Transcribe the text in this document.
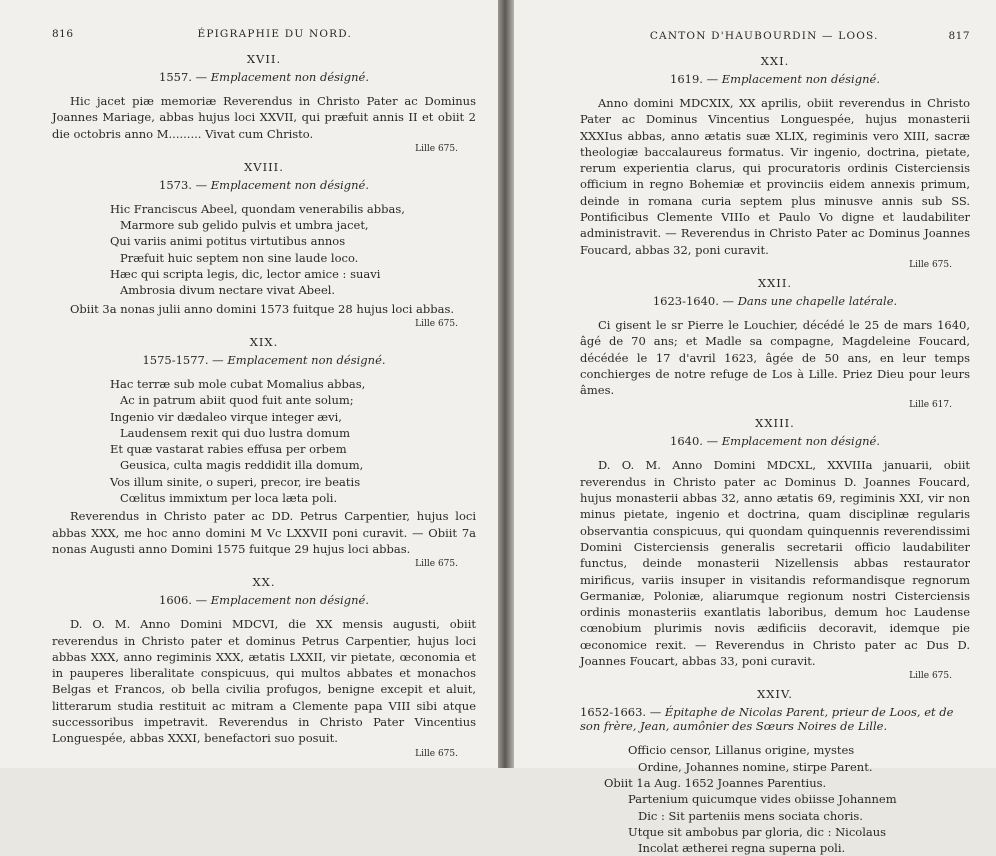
816	ÉPIGRAPHIE DU NORD.
XVII.
1557. — Emplacement non désigné.

Hic jacet piæ memoriæ Reverendus in Christo Pater ac Dominus Joannes Mariage, abbas hujus loci XXVII, qui præfuit annis II et obiit 2 die octobris anno M......... Vivat cum Christo.

Lille 675.
XVIII.
1573. — Emplacement non désigné.
Hic Franciscus Abeel, quondam venerabilis abbas,
Marmore sub gelido pulvis et umbra jacet,
Qui variis animi potitus virtutibus annos
Præfuit huic septem non sine laude loco.
Hæc qui scripta legis, dic, lector amice : suavi
Ambrosia divum nectare vivat Abeel.

Obiit 3a nonas julii anno domini 1573 fuitque 28 hujus loci abbas.

Lille 675.
XIX.
1575-1577. — Emplacement non désigné.
Hac terræ sub mole cubat Momalius abbas,
Ac in patrum abiit quod fuit ante solum;
Ingenio vir dædaleo virque integer ævi,
Laudensem rexit qui duo lustra domum
Et quæ vastarat rabies effusa per orbem
Geusica, culta magis reddidit illa domum,
Vos illum sinite, o superi, precor, ire beatis
Cœlitus immixtum per loca læta poli.

Reverendus in Christo pater ac DD. Petrus Carpentier, hujus loci abbas XXX, me hoc anno domini M Vc LXXVII poni curavit. — Obiit 7a nonas Augusti anno Domini 1575 fuitque 29 hujus loci abbas.

Lille 675.
XX.
1606. — Emplacement non désigné.

D. O. M. Anno Domini MDCVI, die XX mensis augusti, obiit reverendus in Christo pater et dominus Petrus Carpentier, hujus loci abbas XXX, anno regiminis XXX, ætatis LXXII, vir pietate, œconomia et in pauperes liberalitate conspicuus, qui multos abbates et monachos Belgas et Francos, ob bella civilia profugos, benigne excepit et aluit, litterarum studia restituit ac mitram a Clemente papa VIII sibi atque successoribus impetravit. Reverendus in Christo Pater Vincentius Longuespée, abbas XXXI, benefactori suo posuit.

Lille 675.
CANTON D'HAUBOURDIN — LOOS.	817
XXI.
1619. — Emplacement non désigné.

Anno domini MDCXIX, XX aprilis, obiit reverendus in Christo Pater ac Dominus Vincentius Longuespée, hujus monasterii XXXIus abbas, anno ætatis suæ XLIX, regiminis vero XIII, sacræ theologiæ baccalaureus formatus. Vir ingenio, doctrina, pietate, rerum experientia clarus, qui procuratoris ordinis Cisterciensis officium in regno Bohemiæ et provinciis eidem annexis primum, deinde in romana curia septem plus minusve annis sub SS. Pontificibus Clemente VIIIo et Paulo Vo digne et laudabiliter administravit. — Reverendus in Christo Pater ac Dominus Joannes Foucard, abbas 32, poni curavit.

Lille 675.
XXII.
1623-1640. — Dans une chapelle latérale.

Ci gisent le sr Pierre le Louchier, décédé le 25 de mars 1640, âgé de 70 ans; et Madle sa compagne, Magdeleine Foucard, décédée le 17 d'avril 1623, âgée de 50 ans, en leur temps conchierges de notre refuge de Los à Lille. Priez Dieu pour leurs âmes.

Lille 617.
XXIII.
1640. — Emplacement non désigné.

D. O. M. Anno Domini MDCXL, XXVIIIa januarii, obiit reverendus in Christo pater ac Dominus D. Joannes Foucard, hujus monasterii abbas 32, anno ætatis 69, regiminis XXI, vir non minus pietate, ingenio et doctrina, quam disciplinæ regularis observantia conspicuus, qui quondam quinquennis reverendissimi Domini Cisterciensis generalis secretarii officio laudabiliter functus, deinde monasterii Nizellensis abbas restaurator mirificus, variis insuper in visitandis reformandisque regnorum Germaniæ, Poloniæ, aliarumque regionum nostri Cisterciensis ordinis monasteriis exantlatis laboribus, demum hoc Laudense cœnobium plurimis novis ædificiis decoravit, idemque pie œconomice rexit. — Reverendus in Christo pater ac Dus D. Joannes Foucart, abbas 33, poni curavit.

Lille 675.
XXIV.
1652-1663. — Épitaphe de Nicolas Parent, prieur de Loos, et de son frère, Jean, aumônier des Sœurs Noires de Lille.
Officio censor, Lillanus origine, mystes
Ordine, Johannes nomine, stirpe Parent.
Obiit 1a Aug. 1652 Joannes Parentius.
Partenium quicumque vides obiisse Johannem
Dic : Sit parteniis mens sociata choris.
Utque sit ambobus par gloria, dic : Nicolaus
Incolat ætherei regna superna poli.
